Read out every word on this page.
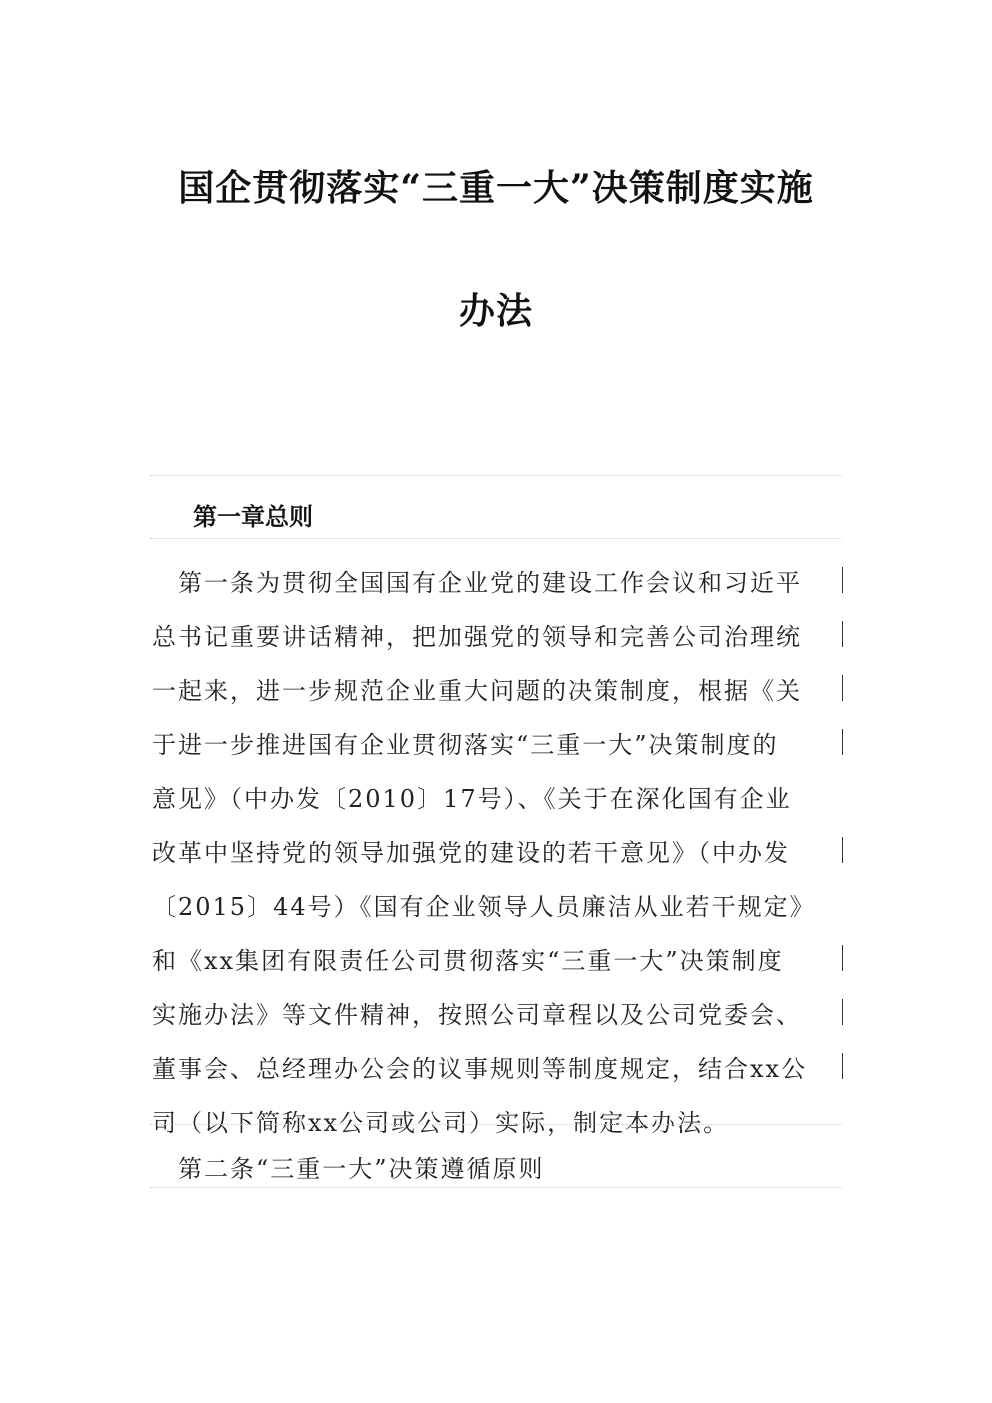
国企贯彻落实“三重一大”决策制度实施
办法
第一章总则
　第一条为贯彻全国国有企业党的建设工作会议和习近平
总书记重要讲话精神，把加强党的领导和完善公司治理统
一起来，进一步规范企业重大问题的决策制度，根据《关
于进一步推进国有企业贯彻落实“三重一大”决策制度的
意见》（中办发〔2010〕17号）、《关于在深化国有企业
改革中坚持党的领导加强党的建设的若干意见》（中办发
〔2015〕44号）《国有企业领导人员廉洁从业若干规定》
和《xx集团有限责任公司贯彻落实“三重一大”决策制度
实施办法》等文件精神，按照公司章程以及公司党委会、
董事会、总经理办公会的议事规则等制度规定，结合xx公
司（以下简称xx公司或公司）实际，制定本办法。
　第二条“三重一大”决策遵循原则
